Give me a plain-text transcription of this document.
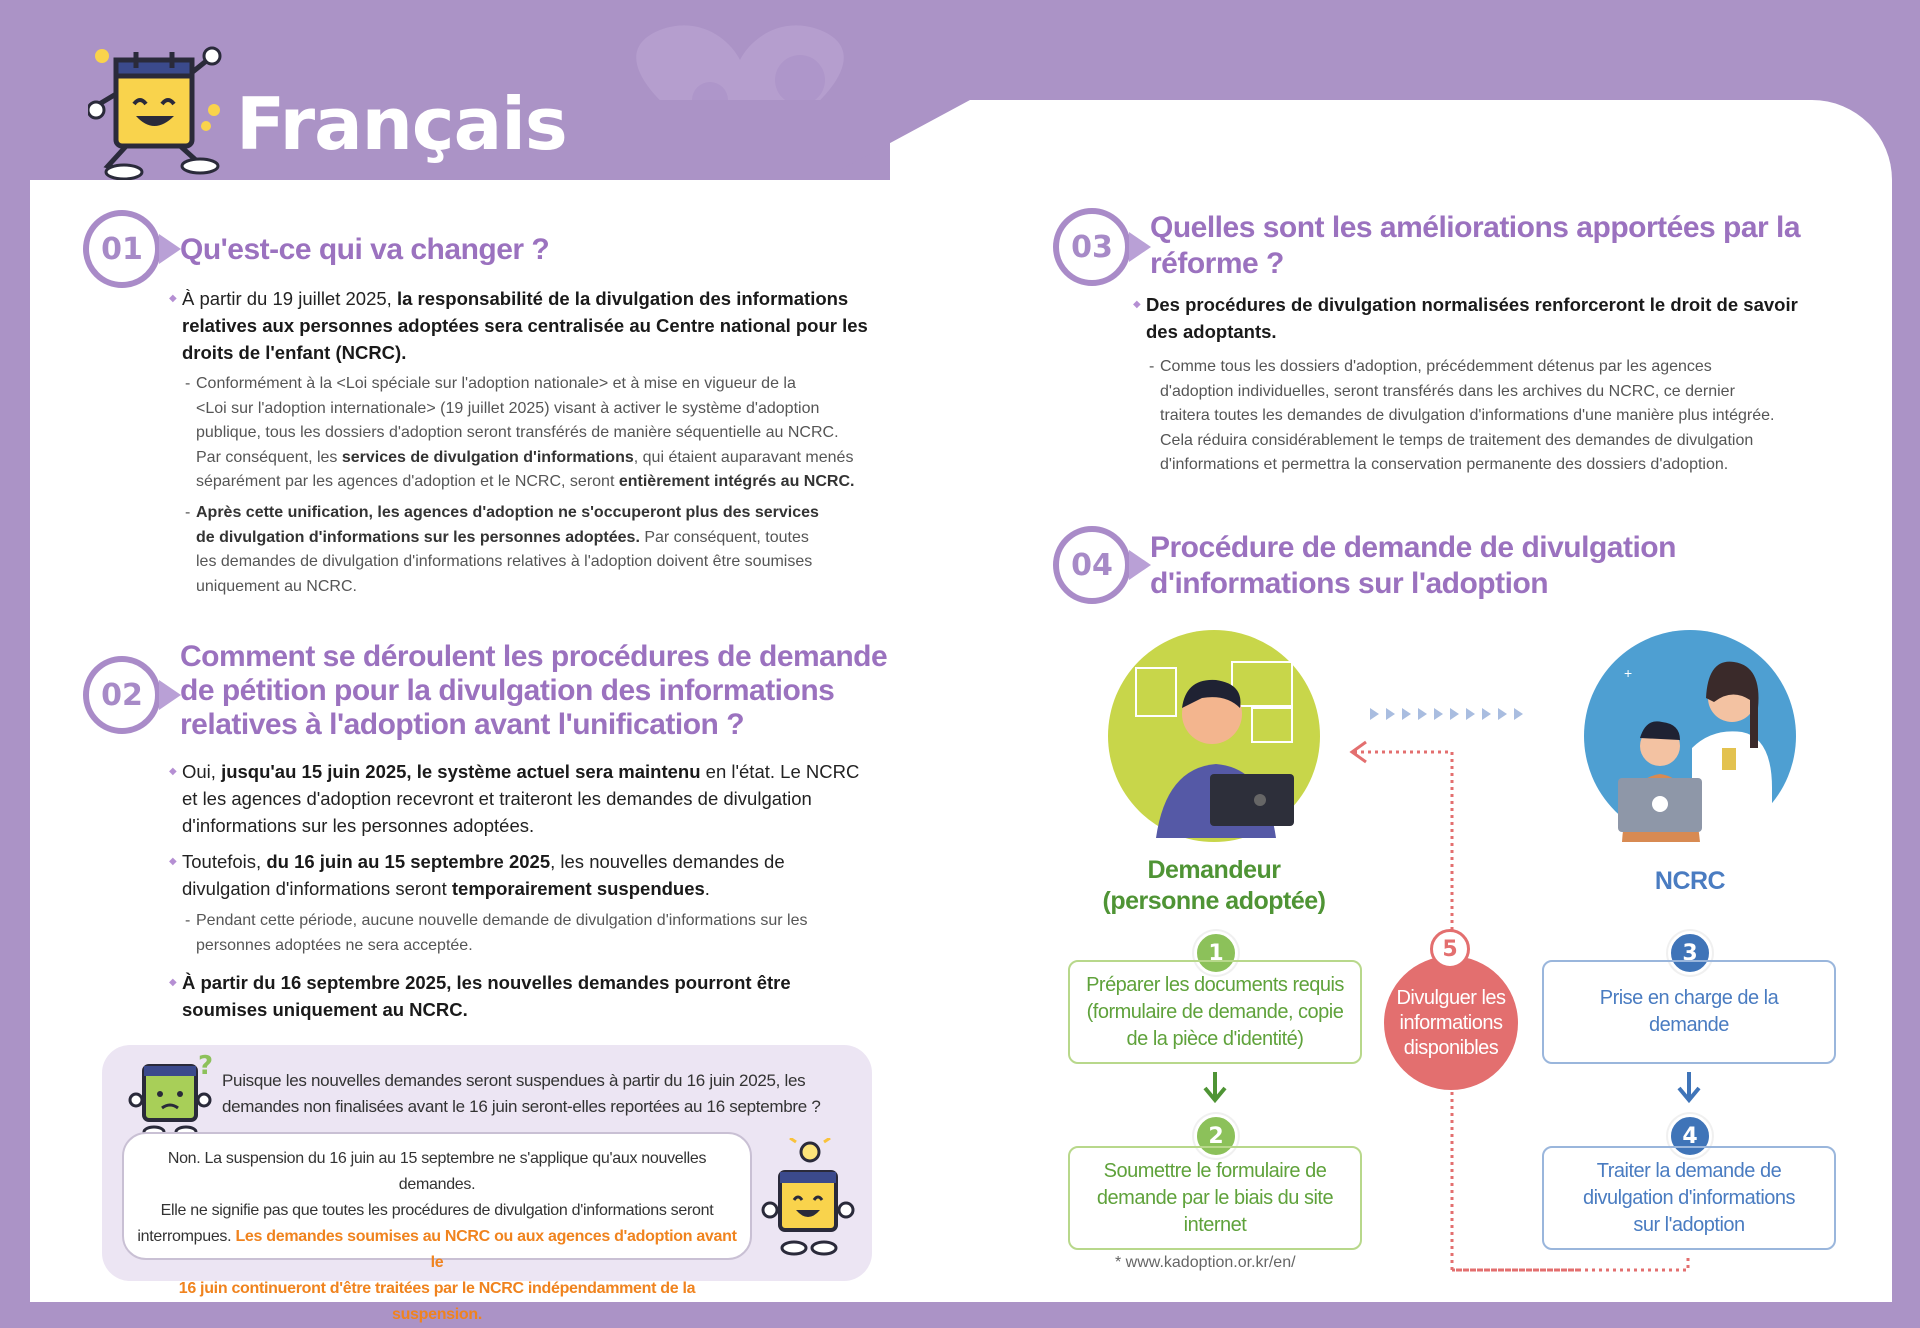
Français
01	Qu'est-ce qui va changer ?
◆ À partir du 19 juillet 2025, la responsabilité de la divulgation des informations
relatives aux personnes adoptées sera centralisée au Centre national pour les
droits de l'enfant (NCRC).
- Conformément à la <Loi spéciale sur l'adoption nationale> et à mise en vigueur de la
<Loi sur l'adoption internationale> (19 juillet 2025) visant à activer le système d'adoption
publique, tous les dossiers d'adoption seront transférés de manière séquentielle au NCRC.
Par conséquent, les services de divulgation d'informations, qui étaient auparavant menés
séparément par les agences d'adoption et le NCRC, seront entièrement intégrés au NCRC.
- Après cette unification, les agences d'adoption ne s'occuperont plus des services
de divulgation d'informations sur les personnes adoptées. Par conséquent, toutes
les demandes de divulgation d'informations relatives à l'adoption doivent être soumises
uniquement au NCRC.
02
Comment se déroulent les procédures de demande
de pétition pour la divulgation des informations
relatives à l'adoption avant l'unification ?
◆ Oui, jusqu'au 15 juin 2025, le système actuel sera maintenu en l'état. Le NCRC
et les agences d'adoption recevront et traiteront les demandes de divulgation
d'informations sur les personnes adoptées.
◆ Toutefois, du 16 juin au 15 septembre 2025, les nouvelles demandes de
divulgation d'informations seront temporairement suspendues.
- Pendant cette période, aucune nouvelle demande de divulgation d'informations sur les
personnes adoptées ne sera acceptée.
◆ À partir du 16 septembre 2025, les nouvelles demandes pourront être
soumises uniquement au NCRC.
? Puisque les nouvelles demandes seront suspendues à partir du 16 juin 2025, les
demandes non finalisées avant le 16 juin seront-elles reportées au 16 septembre ?
Non. La suspension du 16 juin au 15 septembre ne s'applique qu'aux nouvelles demandes.
Elle ne signifie pas que toutes les procédures de divulgation d'informations seront
interrompues. Les demandes soumises au NCRC ou aux agences d'adoption avant le
16 juin continueront d'être traitées par le NCRC indépendamment de la suspension.
03
Quelles sont les améliorations apportées par la
réforme ?
◆ Des procédures de divulgation normalisées renforceront le droit de savoir
des adoptants.
- Comme tous les dossiers d'adoption, précédemment détenus par les agences
d'adoption individuelles, seront transférés dans les archives du NCRC, ce dernier
traitera toutes les demandes de divulgation d'informations d'une manière plus intégrée.
Cela réduira considérablement le temps de traitement des demandes de divulgation
d'informations et permettra la conservation permanente des dossiers d'adoption.
04	Procédure de demande de divulgation
d'informations sur l'adoption
Demandeur
(personne adoptée)
+
NCRC
1
Préparer les documents requis
(formulaire de demande, copie
de la pièce d'identité)
2
Soumettre le formulaire de
demande par le biais du site
internet
* www.kadoption.or.kr/en/
3
Prise en charge de la
demande
4
Traiter la demande de
divulgation d'informations
sur l'adoption
Divulguer les
informations
disponibles
5
